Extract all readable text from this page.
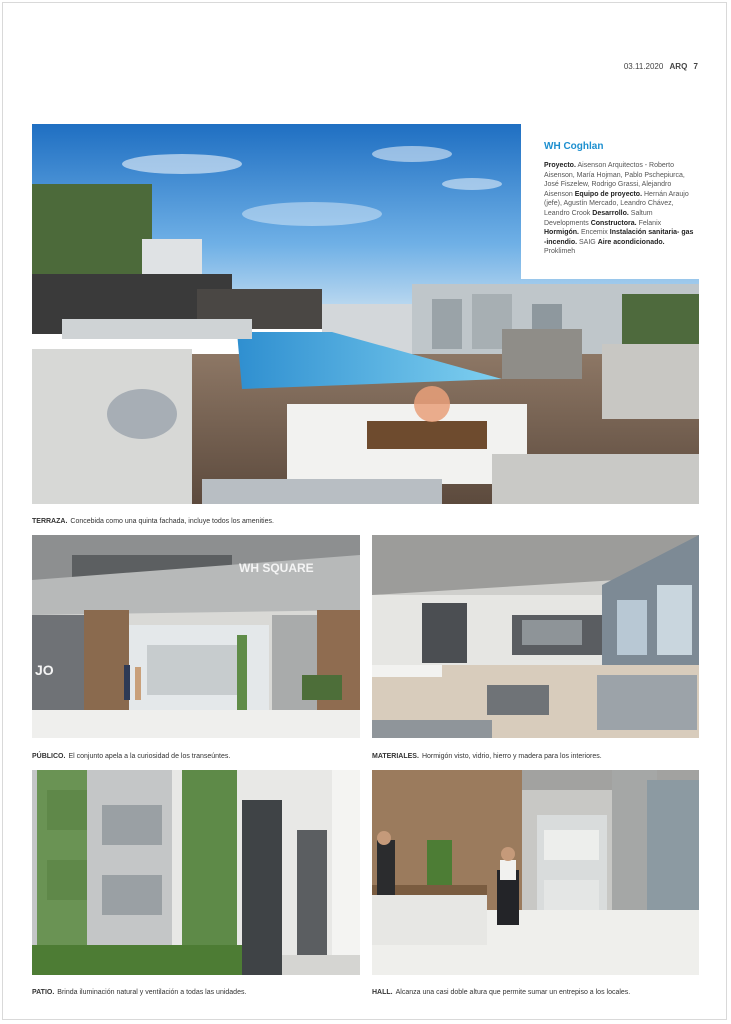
03.11.2020 ARQ 7
WH Coghlan
Proyecto. Aisenson Arquitectos - Roberto Aisenson, María Hojman, Pablo Pschepiurca, José Fiszelew, Rodrigo Grassi, Alejandro Aisenson Equipo de proyecto. Hernán Araujo (jefe), Agustín Mercado, Leandro Chávez, Leandro Crook Desarrollo. Saltum Developments Constructora. Felanix Hormigón. Encemix Instalación sanitaria- gas -incendio. SAIG Aire acondicionado. Proklimeh
TERRAZA. Concebida como una quinta fachada, incluye todos los amenities.
WH SQUARE
JO
PÚBLICO. El conjunto apela a la curiosidad de los transeúntes.	MATERIALES. Hormigón visto, vidrio, hierro y madera para los interiores.
PATIO. Brinda iluminación natural y ventilación a todas las unidades.	HALL. Alcanza una casi doble altura que permite sumar un entrepiso a los locales.
